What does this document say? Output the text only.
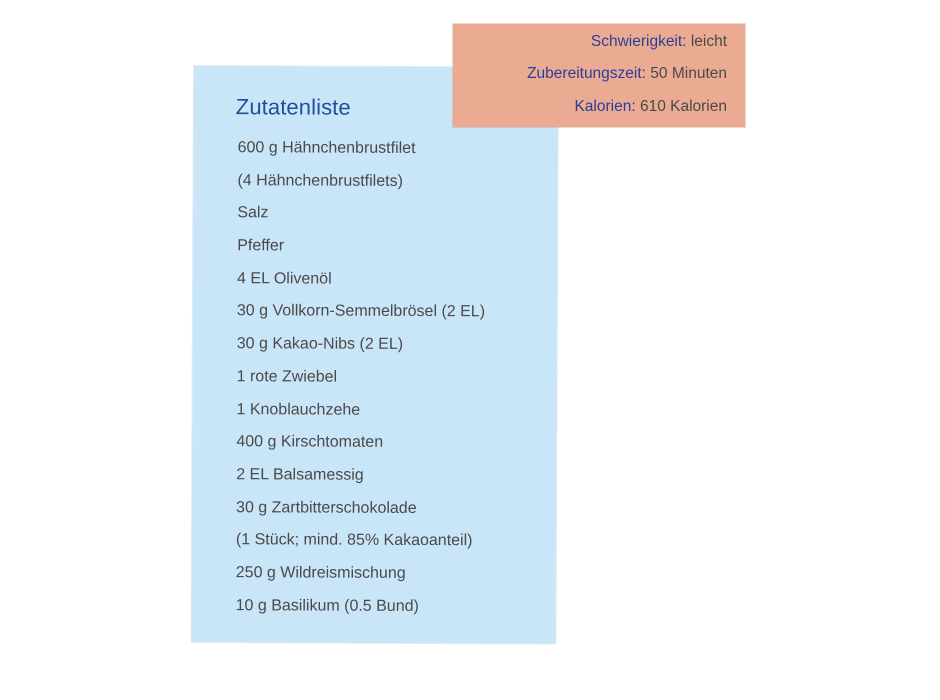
Zutatenliste
600 g Hähnchenbrustfilet
(4 Hähnchenbrustfilets)
Salz
Pfeffer
4 EL Olivenöl
30 g Vollkorn-Semmelbrösel (2 EL)
30 g Kakao-Nibs (2 EL)
1 rote Zwiebel
1 Knoblauchzehe
400 g Kirschtomaten
2 EL Balsamessig
30 g Zartbitterschokolade
(1 Stück; mind. 85% Kakaoanteil)
250 g Wildreismischung
10 g Basilikum (0.5 Bund)
Schwierigkeit: leicht
Zubereitungszeit: 50 Minuten
Kalorien: 610 Kalorien
